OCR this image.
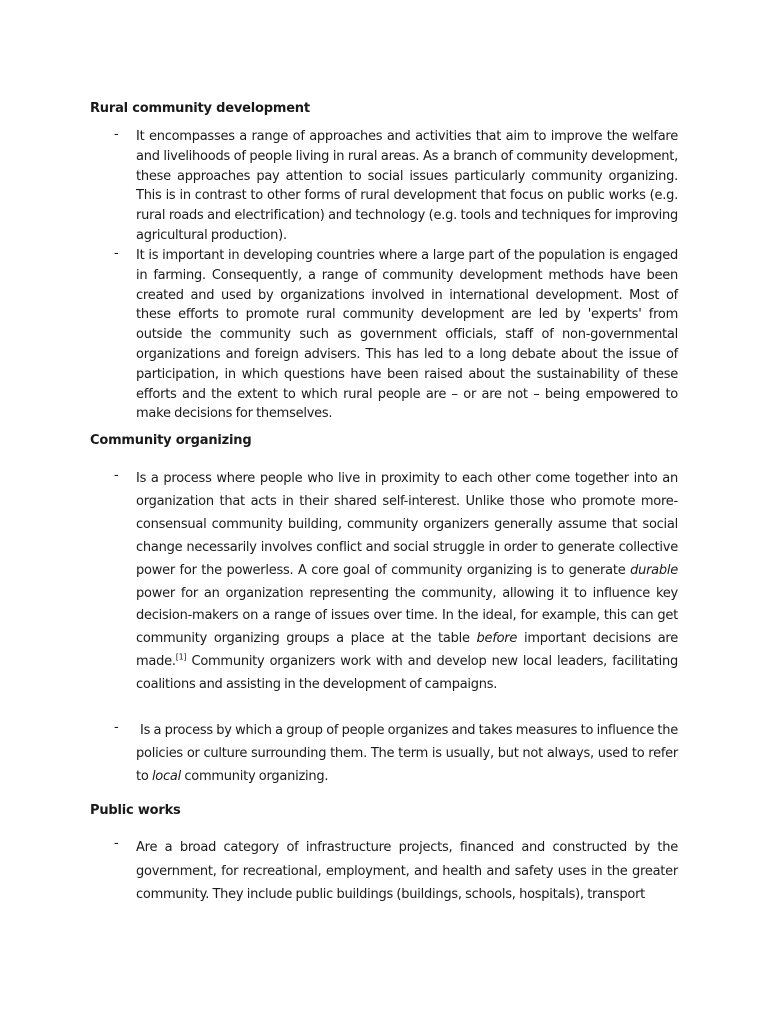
Rural community development
- It encompasses a range of approaches and activities that aim to improve the welfare and livelihoods of people living in rural areas. As a branch of community development, these approaches pay attention to social issues particularly community organizing. This is in contrast to other forms of rural development that focus on public works (e.g. rural roads and electrification) and technology (e.g. tools and techniques for improving agricultural production).
- It is important in developing countries where a large part of the population is engaged in farming. Consequently, a range of community development methods have been created and used by organizations involved in international development. Most of these efforts to promote rural community development are led by 'experts' from outside the community such as government officials, staff of non-governmental organizations and foreign advisers. This has led to a long debate about the issue of participation, in which questions have been raised about the sustainability of these efforts and the extent to which rural people are – or are not – being empowered to make decisions for themselves.
Community organizing
- Is a process where people who live in proximity to each other come together into an organization that acts in their shared self-interest. Unlike those who promote more-consensual community building, community organizers generally assume that social change necessarily involves conflict and social struggle in order to generate collective power for the powerless. A core goal of community organizing is to generate durable power for an organization representing the community, allowing it to influence key decision-makers on a range of issues over time. In the ideal, for example, this can get community organizing groups a place at the table before important decisions are made.[1] Community organizers work with and develop new local leaders, facilitating coalitions and assisting in the development of campaigns.
-	Is a process by which a group of people organizes and takes measures to influence the policies or culture surrounding them. The term is usually, but not always, used to refer to local community organizing.
Public works
- Are a broad category of infrastructure projects, financed and constructed by the government, for recreational, employment, and health and safety uses in the greater community. They include public buildings (buildings, schools, hospitals), transport
